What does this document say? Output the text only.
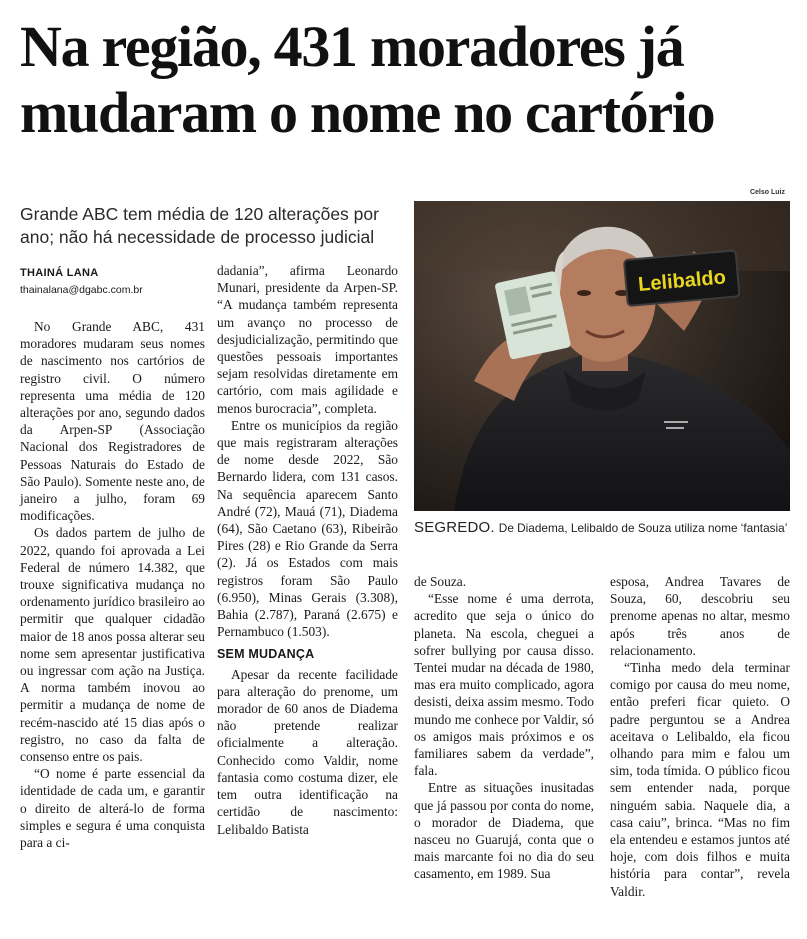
Na região, 431 moradores já mudaram o nome no cartório
Celso Luiz
Grande ABC tem média de 120 alterações por ano; não há necessidade de processo judicial
THAINÁ LANA
thainalana@dgabc.com.br

No Grande ABC, 431 moradores mudaram seus nomes de nascimento nos cartórios de registro civil. O número representa uma média de 120 alterações por ano, segundo dados da Arpen-SP (Associação Nacional dos Registradores de Pessoas Naturais do Estado de São Paulo). Somente neste ano, de janeiro a julho, foram 69 modificações.

Os dados partem de julho de 2022, quando foi aprovada a Lei Federal de número 14.382, que trouxe significativa mudança no ordenamento jurídico brasileiro ao permitir que qualquer cidadão maior de 18 anos possa alterar seu nome sem apresentar justificativa ou ingressar com ação na Justiça. A norma também inovou ao permitir a mudança de nome de recém-nascido até 15 dias após o registro, no caso da falta de consenso entre os pais.

“O nome é parte essencial da identidade de cada um, e garantir o direito de alterá-lo de forma simples e segura é uma conquista para a ci-

dadania”, afirma Leonardo Munari, presidente da Arpen-SP. “A mudança também representa um avanço no processo de desjudicialização, permitindo que questões pessoais importantes sejam resolvidas diretamente em cartório, com mais agilidade e menos burocracia”, completa.

Entre os municípios da região que mais registraram alterações de nome desde 2022, São Bernardo lidera, com 131 casos. Na sequência aparecem Santo André (72), Mauá (71), Diadema (64), São Caetano (63), Ribeirão Pires (28) e Rio Grande da Serra (2). Já os Estados com mais registros foram São Paulo (6.950), Minas Gerais (3.308), Bahia (2.787), Paraná (2.675) e Pernambuco (1.503).

SEM MUDANÇA

Apesar da recente facilidade para alteração do prenome, um morador de 60 anos de Diadema não pretende realizar oficialmente a alteração. Conhecido como Valdir, nome fantasia como costuma dizer, ele tem outra identificação na certidão de nascimento: Lelibaldo Batista

Lelibaldo
SEGREDO. De Diadema, Lelibaldo de Souza utiliza nome ‘fantasia’

de Souza.

“Esse nome é uma derrota, acredito que seja o único do planeta. Na escola, cheguei a sofrer bullying por causa disso. Tentei mudar na década de 1980, mas era muito complicado, agora desisti, deixa assim mesmo. Todo mundo me conhece por Valdir, só os amigos mais próximos e os familiares sabem da verdade”, fala.

Entre as situações inusitadas que já passou por conta do nome, o morador de Diadema, que nasceu no Guarujá, conta que o mais marcante foi no dia do seu casamento, em 1989. Sua

esposa, Andrea Tavares de Souza, 60, descobriu seu prenome apenas no altar, mesmo após três anos de relacionamento.

“Tinha medo dela terminar comigo por causa do meu nome, então preferi ficar quieto. O padre perguntou se a Andrea aceitava o Lelibaldo, ela ficou olhando para mim e falou um sim, toda tímida. O público ficou sem entender nada, porque ninguém sabia. Naquele dia, a casa caiu”, brinca. “Mas no fim ela entendeu e estamos juntos até hoje, com dois filhos e muita história para contar”, revela Valdir.
